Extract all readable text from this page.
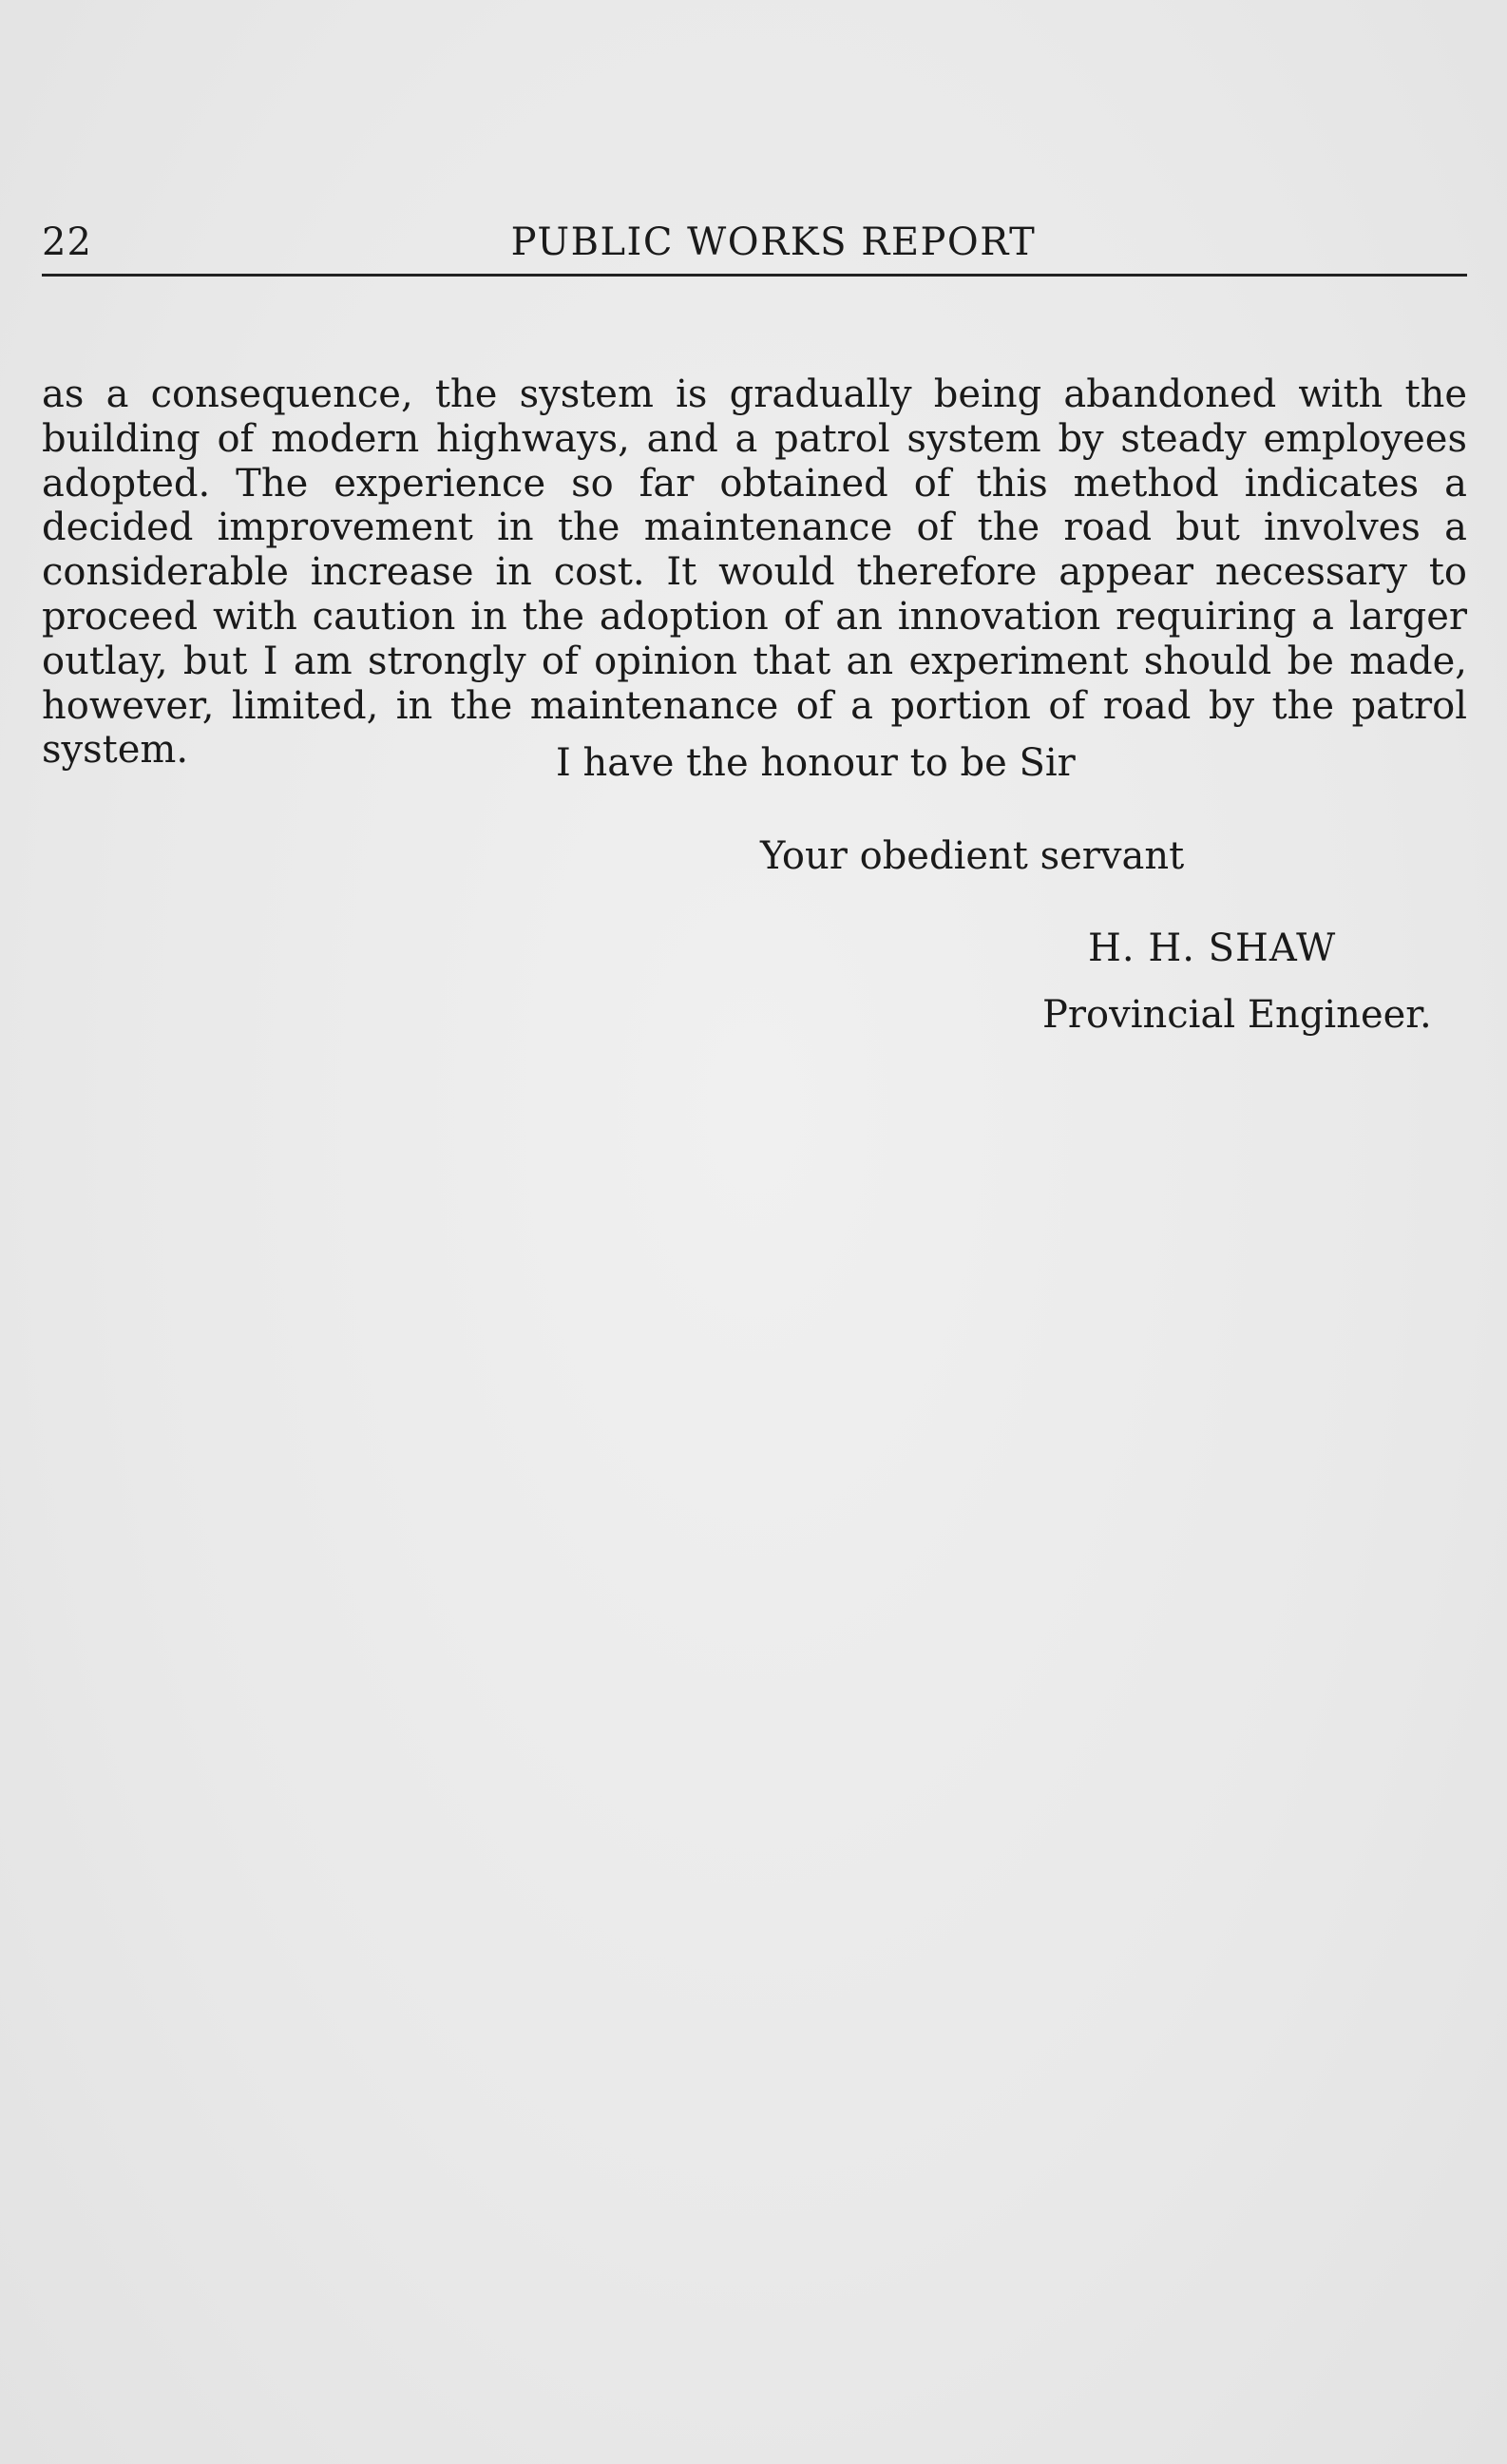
22	PUBLIC WORKS REPORT

as a consequence, the system is gradually being abandoned with the building of modern highways, and a patrol system by steady employees adopted. The experience so far obtained of this method indicates a decided improvement in the maintenance of the road but involves a considerable increase in cost. It would therefore appear necessary to proceed with caution in the adoption of an innovation requiring a larger outlay, but I am strongly of opinion that an experiment should be made, however, limited, in the maintenance of a portion of road by the patrol system.	I have the honour to be Sir
Your obedient servant
H. H. SHAW
Provincial Engineer.
